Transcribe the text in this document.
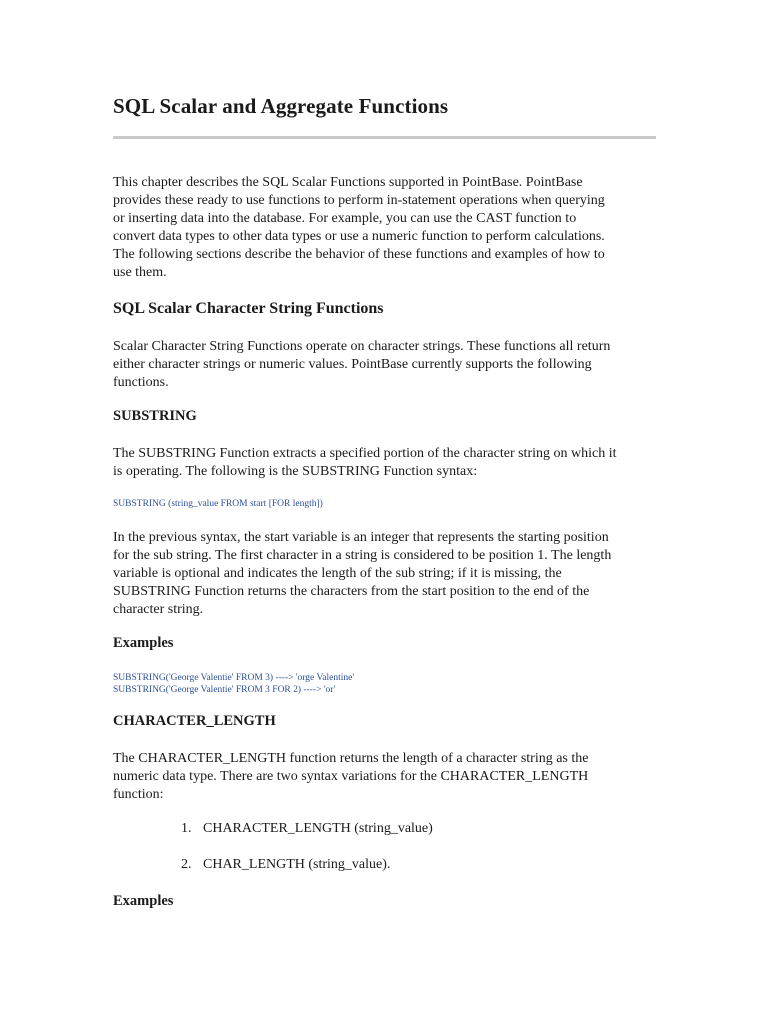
SQL Scalar and Aggregate Functions

This chapter describes the SQL Scalar Functions supported in PointBase. PointBase
provides these ready to use functions to perform in-statement operations when querying
or inserting data into the database. For example, you can use the CAST function to
convert data types to other data types or use a numeric function to perform calculations.
The following sections describe the behavior of these functions and examples of how to
use them.

SQL Scalar Character String Functions

Scalar Character String Functions operate on character strings. These functions all return
either character strings or numeric values. PointBase currently supports the following
functions.

SUBSTRING

The SUBSTRING Function extracts a specified portion of the character string on which it
is operating. The following is the SUBSTRING Function syntax:

SUBSTRING (string_value FROM start [FOR length])

In the previous syntax, the start variable is an integer that represents the starting position
for the sub string. The first character in a string is considered to be position 1. The length
variable is optional and indicates the length of the sub string; if it is missing, the
SUBSTRING Function returns the characters from the start position to the end of the
character string.

Examples
SUBSTRING('George Valentie' FROM 3) ----> 'orge Valentine'
SUBSTRING('George Valentie' FROM 3 FOR 2) ----> 'or'
CHARACTER_LENGTH

The CHARACTER_LENGTH function returns the length of a character string as the
numeric data type. There are two syntax variations for the CHARACTER_LENGTH
function:

1. CHARACTER_LENGTH (string_value)
2. CHAR_LENGTH (string_value).
Examples
